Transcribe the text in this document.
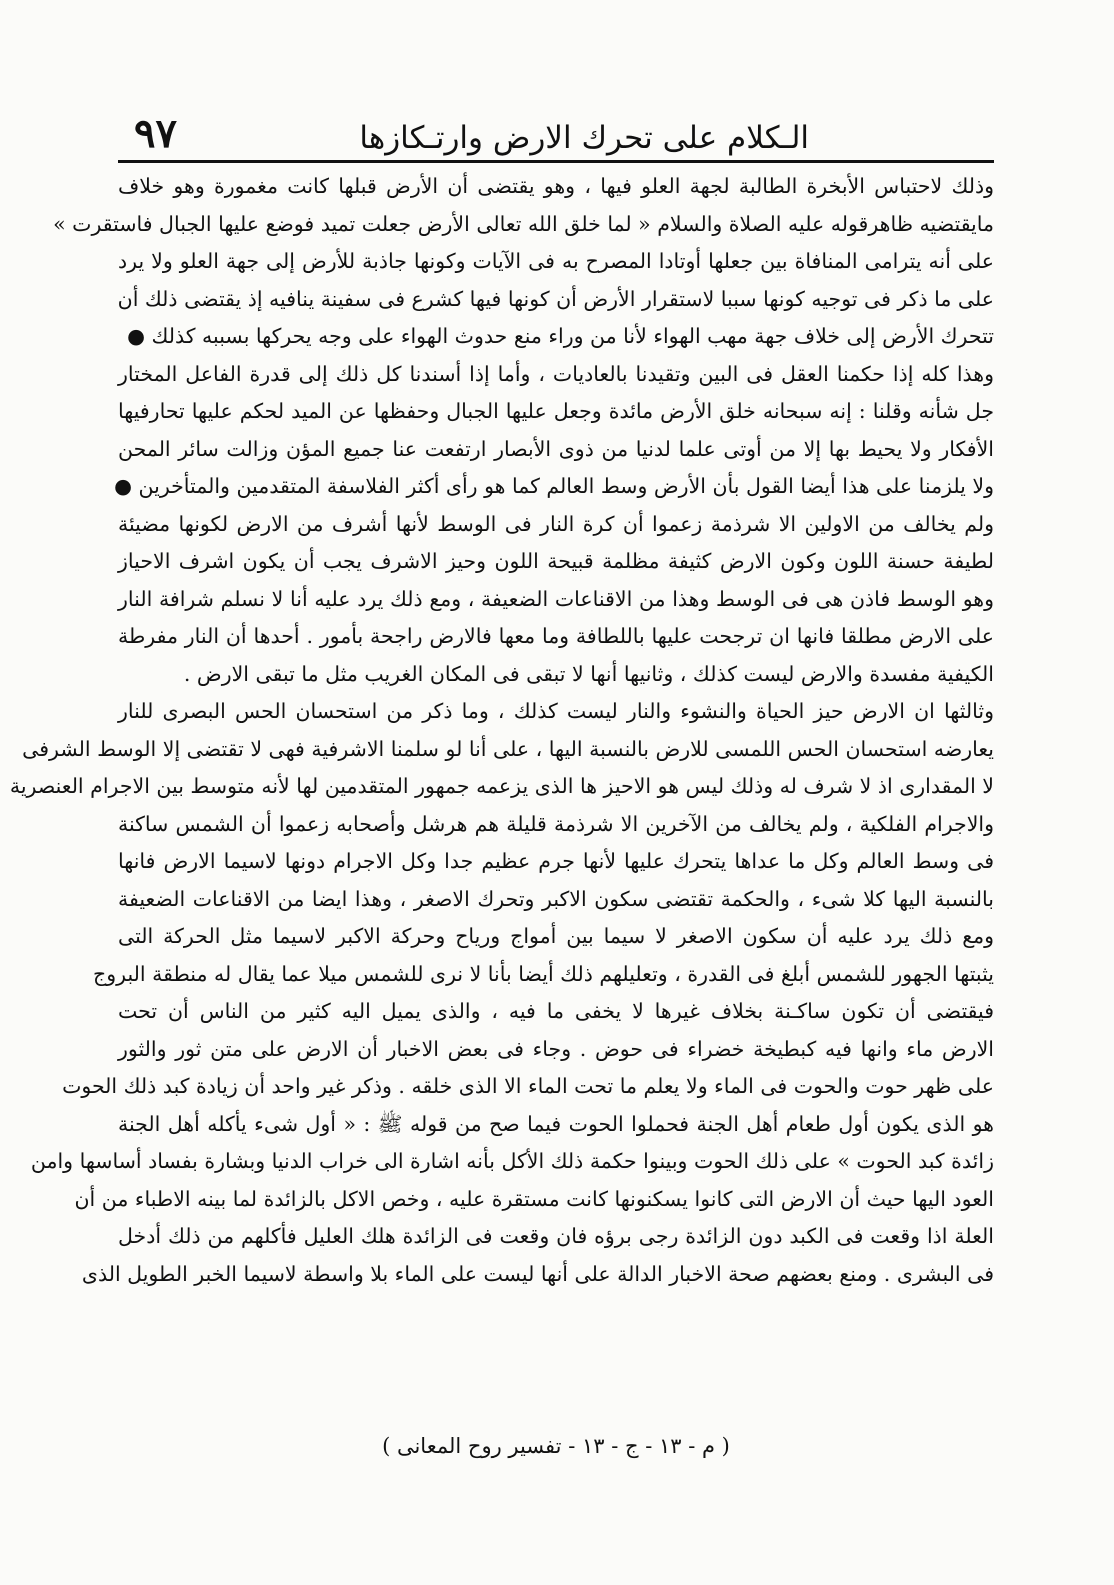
الـكلام على تحرك الارض وارتـكازها
٩٧
وذلك لاحتباس الأبخرة الطالبة لجهة العلو فيها ، وهو يقتضى أن الأرض قبلها كانت مغمورة وهو خلاف
مايقتضيه ظاهرقوله عليه الصلاة والسلام « لما خلق الله تعالى الأرض جعلت تميد فوضع عليها الجبال فاستقرت »
على أنه يترامى المنافاة بين جعلها أوتادا المصرح به فى الآيات وكونها جاذبة للأرض إلى جهة العلو ولا يرد
على ما ذكر فى توجيه كونها سببا لاستقرار الأرض أن كونها فيها كشرع فى سفينة ينافيه إذ يقتضى ذلك أن
تتحرك الأرض إلى خلاف جهة مهب الهواء لأنا من وراء منع حدوث الهواء على وجه يحركها بسببه كذلك ●
وهذا كله إذا حكمنا العقل فى البين وتقيدنا بالعاديات ، وأما إذا أسندنا كل ذلك إلى قدرة الفاعل المختار
جل شأنه وقلنا : إنه سبحانه خلق الأرض مائدة وجعل عليها الجبال وحفظها عن الميد لحكم عليها تحارفيها
الأفكار ولا يحيط بها إلا من أوتى علما لدنيا من ذوى الأبصار ارتفعت عنا جميع المؤن وزالت سائر المحن
ولا يلزمنا على هذا أيضا القول بأن الأرض وسط العالم كما هو رأى أكثر الفلاسفة المتقدمين والمتأخرين ●
ولم يخالف من الاولين الا شرذمة زعموا أن كرة النار فى الوسط لأنها أشرف من الارض لكونها مضيئة
لطيفة حسنة اللون وكون الارض كثيفة مظلمة قبيحة اللون وحيز الاشرف يجب أن يكون اشرف الاحياز
وهو الوسط فاذن هى فى الوسط وهذا من الاقناعات الضعيفة ، ومع ذلك يرد عليه أنا لا نسلم شرافة النار
على الارض مطلقا فانها ان ترجحت عليها باللطافة وما معها فالارض راجحة بأمور . أحدها أن النار مفرطة
الكيفية مفسدة والارض ليست كذلك ، وثانيها أنها لا تبقى فى المكان الغريب مثل ما تبقى الارض .
وثالثها ان الارض حيز الحياة والنشوء والنار ليست كذلك ، وما ذكر من استحسان الحس البصرى للنار
يعارضه استحسان الحس اللمسى للارض بالنسبة اليها ، على أنا لو سلمنا الاشرفية فهى لا تقتضى إلا الوسط الشرفى
لا المقدارى اذ لا شرف له وذلك ليس هو الاحيز ها الذى يزعمه جمهور المتقدمين لها لأنه متوسط بين الاجرام العنصرية
والاجرام الفلكية ، ولم يخالف من الآخرين الا شرذمة قليلة هم هرشل وأصحابه زعموا أن الشمس ساكنة
فى وسط العالم وكل ما عداها يتحرك عليها لأنها جرم عظيم جدا وكل الاجرام دونها لاسيما الارض فانها
بالنسبة اليها كلا شىء ، والحكمة تقتضى سكون الاكبر وتحرك الاصغر ، وهذا ايضا من الاقناعات الضعيفة
ومع ذلك يرد عليه أن سكون الاصغر لا سيما بين أمواج ورياح وحركة الاكبر لاسيما مثل الحركة التى
يثبتها الجهور للشمس أبلغ فى القدرة ، وتعليلهم ذلك أيضا بأنا لا نرى للشمس ميلا عما يقال له منطقة البروج
فيقتضى أن تكون ساكـنة بخلاف غيرها لا يخفى ما فيه ، والذى يميل اليه كثير من الناس أن تحت
الارض ماء وانها فيه كبطيخة خضراء فى حوض . وجاء فى بعض الاخبار أن الارض على متن ثور والثور
على ظهر حوت والحوت فى الماء ولا يعلم ما تحت الماء الا الذى خلقه . وذكر غير واحد أن زيادة كبد ذلك الحوت
هو الذى يكون أول طعام أهل الجنة فحملوا الحوت فيما صح من قوله ﷺ : « أول شىء يأكله أهل الجنة
زائدة كبد الحوت » على ذلك الحوت وبينوا حكمة ذلك الأكل بأنه اشارة الى خراب الدنيا وبشارة بفساد أساسها وامن
العود اليها حيث أن الارض التى كانوا يسكنونها كانت مستقرة عليه ، وخص الاكل بالزائدة لما بينه الاطباء من أن
العلة اذا وقعت فى الكبد دون الزائدة رجى برؤه فان وقعت فى الزائدة هلك العليل فأكلهم من ذلك أدخل
فى البشرى . ومنع بعضهم صحة الاخبار الدالة على أنها ليست على الماء بلا واسطة لاسيما الخبر الطويل الذى
( م - ١٣ - ج - ١٣ - تفسير روح المعانى )
